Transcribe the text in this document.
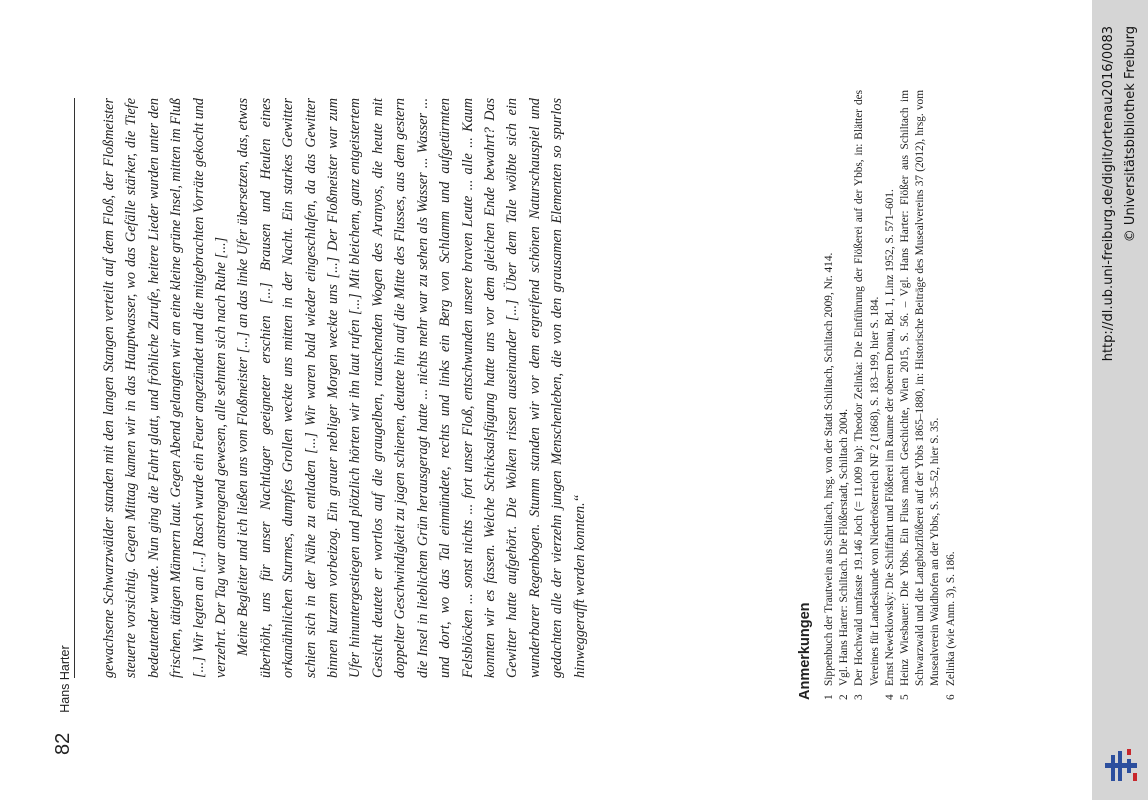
82
Hans Harter

gewachsene Schwarzwälder standen mit den langen Stangen verteilt auf dem Floß, der Floßmeister steuerte vorsichtig. Gegen Mittag kamen wir in das Hauptwasser, wo das Gefälle stärker, die Tiefe bedeutender wurde. Nun ging die Fahrt glatt, und fröhliche Zurufe, heitere Lieder wurden unter den frischen, tätigen Männern laut. Gegen Abend gelangten wir an eine kleine grüne Insel, mitten im Fluß [...] Wir legten an [...] Rasch wurde ein Feuer angezündet und die mitgebrachten Vorräte gekocht und verzehrt. Der Tag war anstrengend gewesen, alle sehnten sich nach Ruhe [...] Meine Begleiter und ich ließen uns vom Floßmeister [...] an das linke Ufer übersetzen, das, etwas überhöht, uns für unser Nachtlager geeigneter erschien [...] Brausen und Heulen eines orkanähnlichen Sturmes, dumpfes Grollen weckte uns mitten in der Nacht. Ein starkes Gewitter schien sich in der Nähe zu entladen [...] Wir waren bald wieder eingeschlafen, da das Gewitter binnen kurzem vorbeizog. Ein grauer nebliger Morgen weckte uns [...] Der Floßmeister war zum Ufer hinuntergestiegen und plötzlich hörten wir ihn laut rufen [...] Mit bleichem, ganz entgeistertem Gesicht deutete er wortlos auf die graugelben, rauschenden Wogen des Aranyos, die heute mit doppelter Geschwindigkeit zu jagen schienen, deutete hin auf die Mitte des Flusses, aus dem gestern die Insel in lieblichem Grün herausgeragt hatte ... nichts mehr war zu sehen als Wasser ... Wasser ... und dort, wo das Tal einmündete, rechts und links ein Berg von Schlamm und aufgetürmten Felsblöcken ... sonst nichts ... fort unser Floß, entschwunden unsere braven Leute ... alle ... Kaum konnten wir es fassen. Welche Schicksalsfügung hatte uns vor dem gleichen Ende bewahrt? Das Gewitter hatte aufgehört. Die Wolken rissen auseinander [...] Über dem Tale wölbte sich ein wunderbarer Regenbogen. Stumm standen wir vor dem ergreifend schönen Naturschauspiel und gedachten alle der vierzehn jungen Menschenleben, die von den grausamen Elementen so spurlos hinweggerafft werden konnten.“	Anmerkungen 1
Sippenbuch der Trautwein aus Schiltach, hrsg. von der Stadt Schiltach, Schiltach 2009, Nr. 414.
2
Vgl. Hans Harter: Schiltach. Die Flößerstadt, Schiltach 2004.
3
Der Hochwald umfasste 19.146 Joch (= 11.009 ha): Theodor Zelinka: Die Einführung der Flößerei auf der Ybbs, in: Blätter des Vereines für Landeskunde von Niederösterreich NF 2 (1868), S. 183–199, hier S. 184.
4
Ernst Neweklowsky: Die Schiffahrt und Flößerei im Raume der oberen Donau, Bd. 1, Linz 1952, S. 571–601.
5
Heinz Wiesbauer: Die Ybbs. Ein Fluss macht Geschichte, Wien 2015, S. 56. – Vgl. Hans Harter: Flößer aus Schiltach im Schwarzwald und die Langholzflößerei auf der Ybbs 1865–1880, in: Historische Beiträge des Musealvereins 37 (2012), hrsg. vom Musealverein Waidhofen an der Ybbs, S. 35–52, hier S. 35.
6
Zelinka (wie Anm. 3), S. 186.
http://dl.ub.uni-freiburg.de/diglit/ortenau2016/0083 © Universitätsbibliothek Freiburg
